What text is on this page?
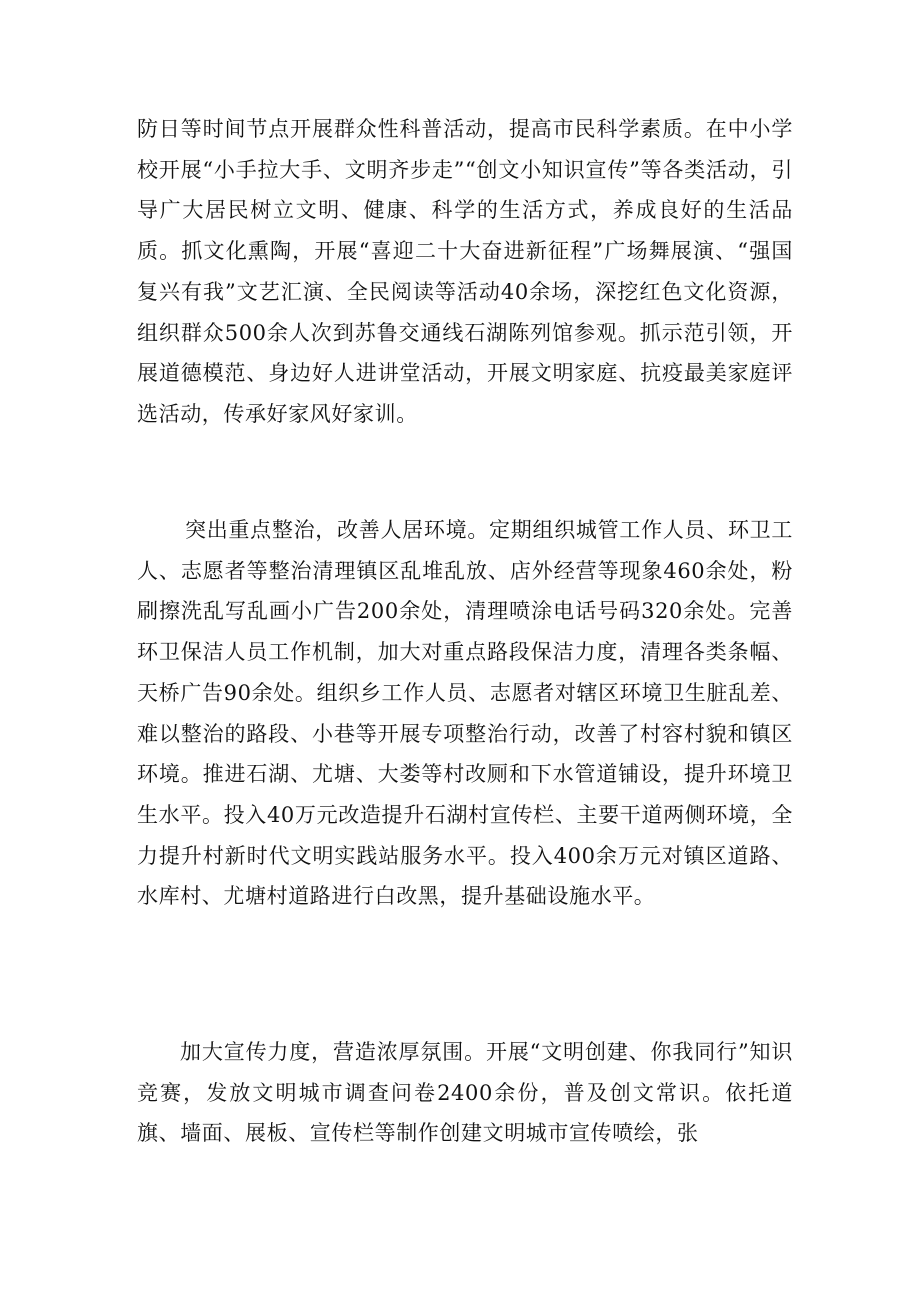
防日等时间节点开展群众性科普活动，提高市民科学素质。在中小学校开展“小手拉大手、文明齐步走”“创文小知识宣传”等各类活动，引导广大居民树立文明、健康、科学的生活方式，养成良好的生活品质。抓文化熏陶，开展“喜迎二十大奋进新征程”广场舞展演、“强国复兴有我”文艺汇演、全民阅读等活动40余场，深挖红色文化资源，组织群众500余人次到苏鲁交通线石湖陈列馆参观。抓示范引领，开展道德模范、身边好人进讲堂活动，开展文明家庭、抗疫最美家庭评选活动，传承好家风好家训。

突出重点整治，改善人居环境。定期组织城管工作人员、环卫工人、志愿者等整治清理镇区乱堆乱放、店外经营等现象460余处，粉刷擦洗乱写乱画小广告200余处，清理喷涂电话号码320余处。完善环卫保洁人员工作机制，加大对重点路段保洁力度，清理各类条幅、天桥广告90余处。组织乡工作人员、志愿者对辖区环境卫生脏乱差、难以整治的路段、小巷等开展专项整治行动，改善了村容村貌和镇区环境。推进石湖、尤塘、大娄等村改厕和下水管道铺设，提升环境卫生水平。投入40万元改造提升石湖村宣传栏、主要干道两侧环境，全力提升村新时代文明实践站服务水平。投入400余万元对镇区道路、水库村、尤塘村道路进行白改黑，提升基础设施水平。

加大宣传力度，营造浓厚氛围。开展“文明创建、你我同行”知识竞赛，发放文明城市调查问卷2400余份，普及创文常识。依托道旗、墙面、展板、宣传栏等制作创建文明城市宣传喷绘，张
